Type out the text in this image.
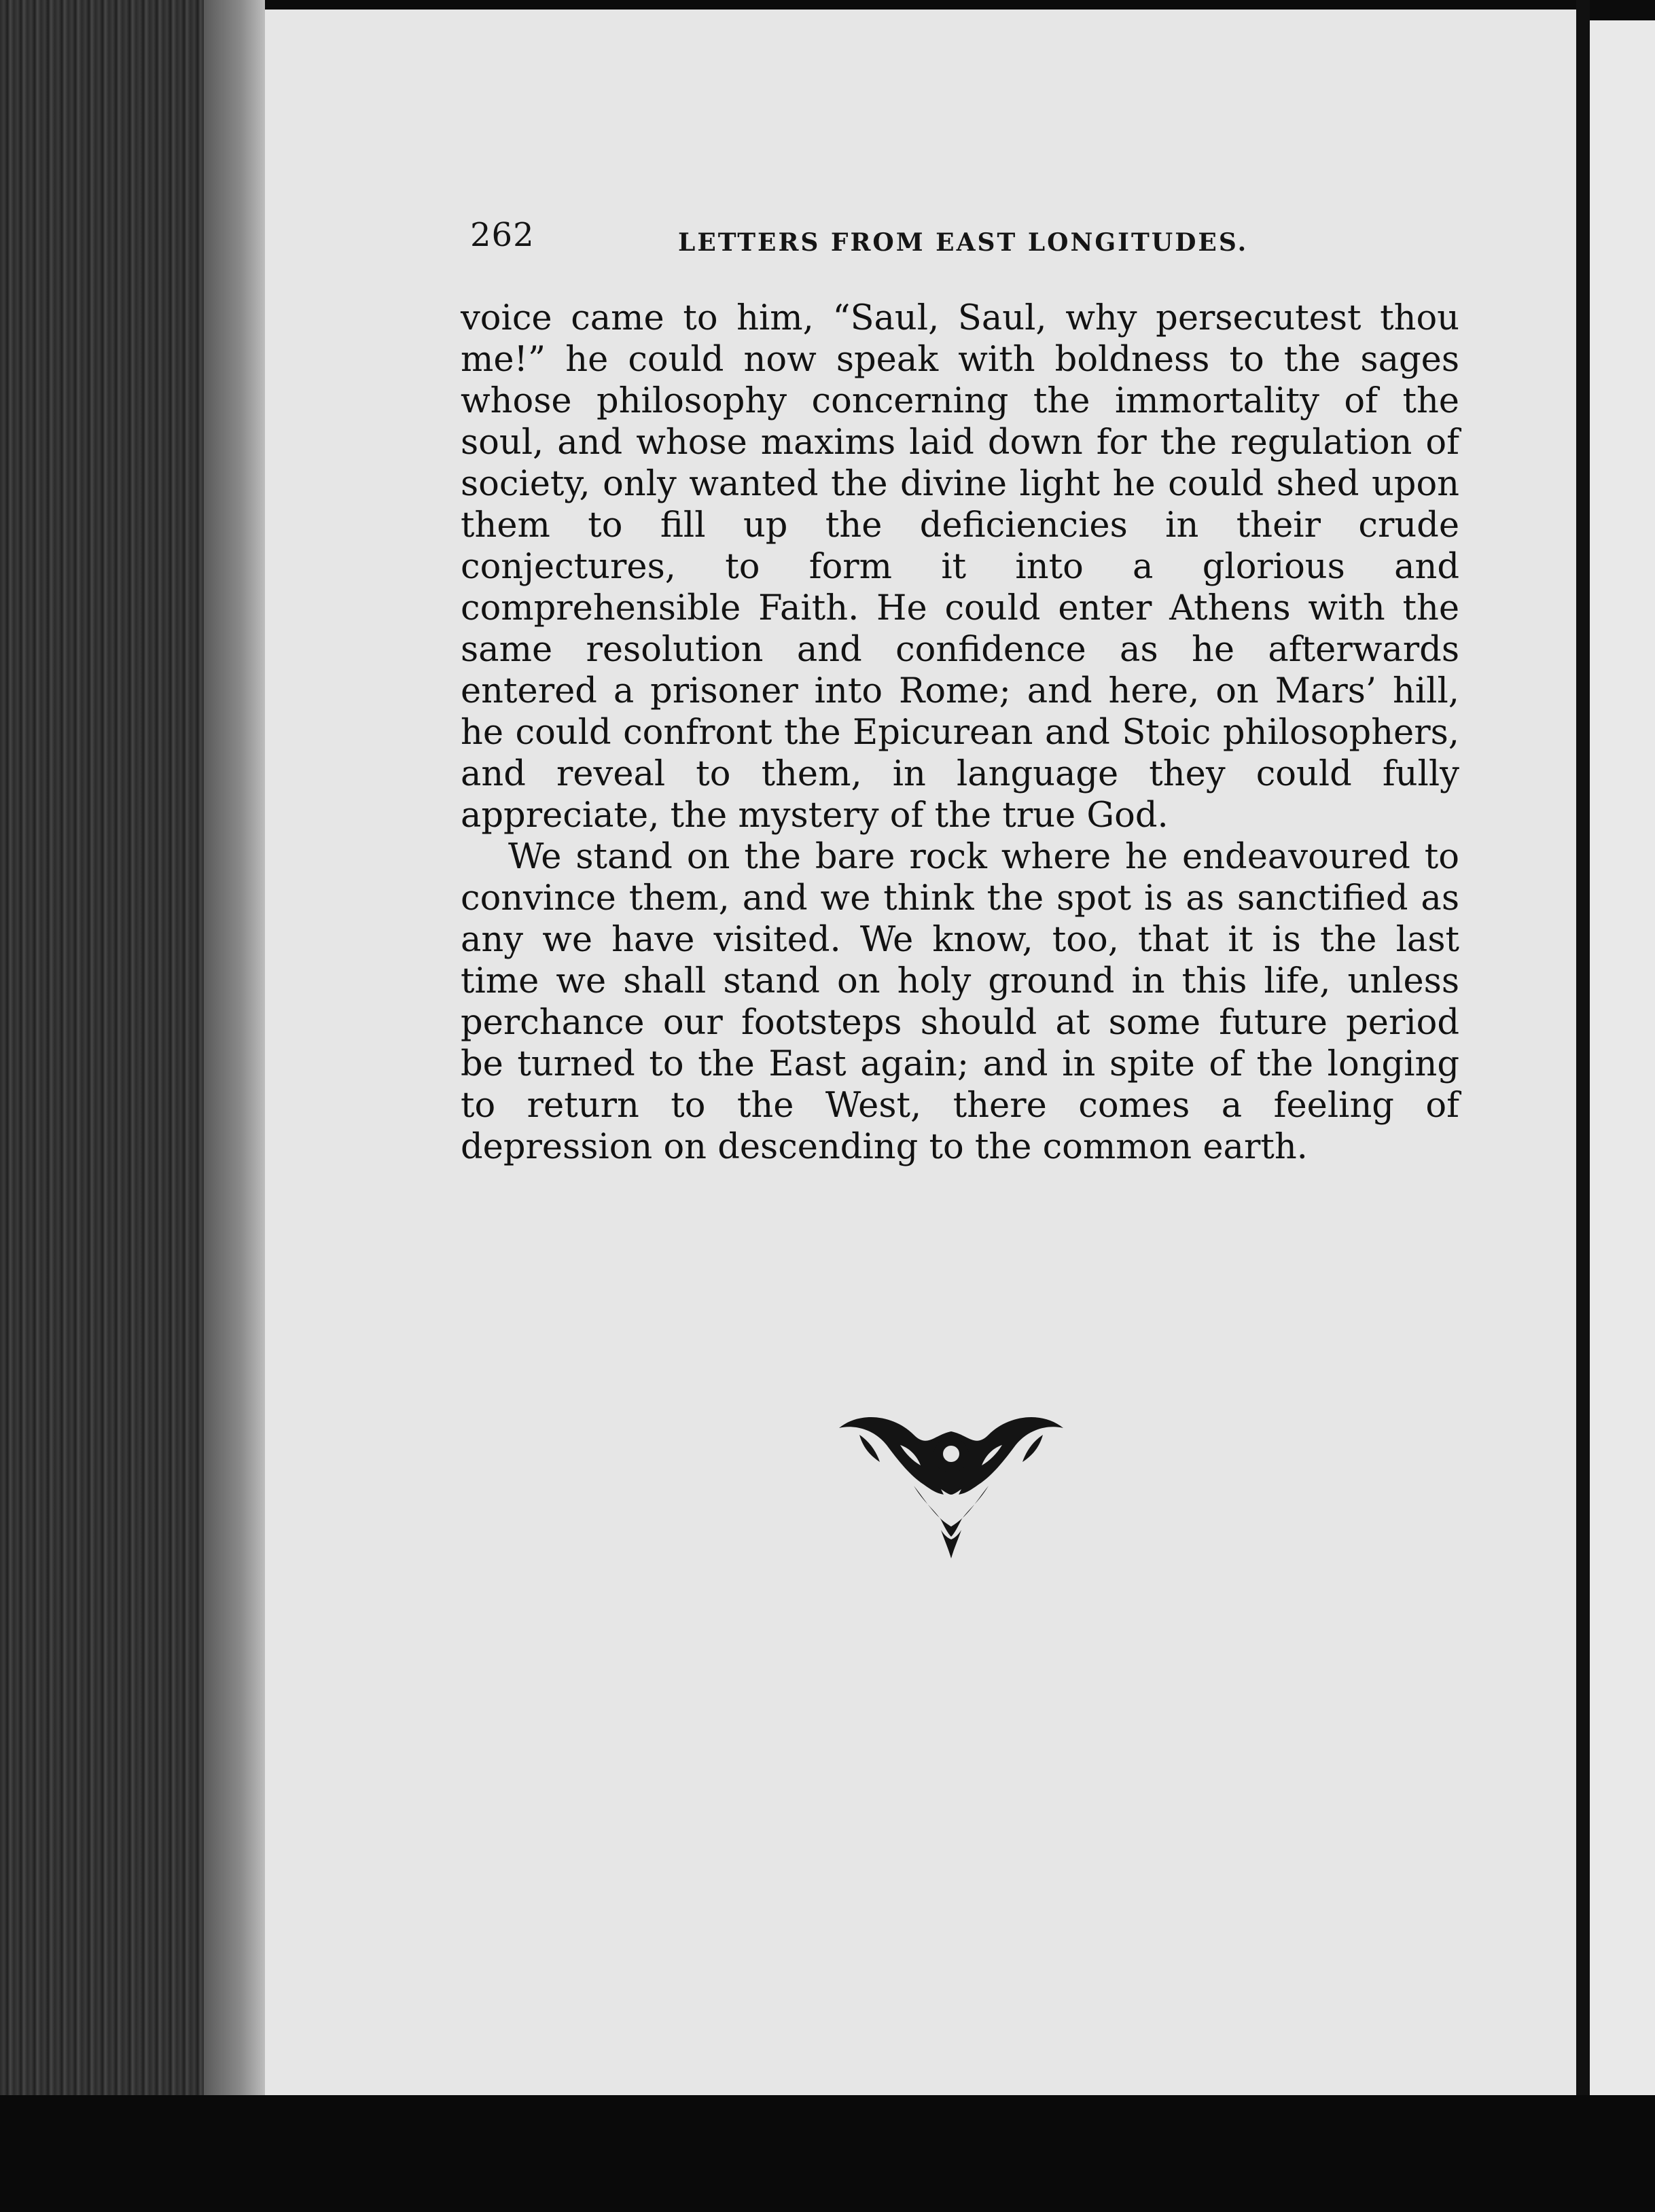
262	LETTERS FROM EAST LONGITUDES.

voice came to him, “Saul, Saul, why persecutest thou me!” he could now speak with boldness to the sages whose philosophy concerning the immortality of the soul, and whose maxims laid down for the regulation of society, only wanted the divine light he could shed upon them to fill up the deficiencies in their crude conjectures, to form it into a glorious and comprehensible Faith. He could enter Athens with the same resolution and confidence as he afterwards entered a prisoner into Rome; and here, on Mars’ hill, he could confront the Epicurean and Stoic philosophers, and reveal to them, in language they could fully appreciate, the mystery of the true God.

We stand on the bare rock where he endeavoured to convince them, and we think the spot is as sanctified as any we have visited. We know, too, that it is the last time we shall stand on holy ground in this life, unless perchance our footsteps should at some future period be turned to the East again; and in spite of the longing to return to the West, there comes a feeling of depression on descending to the common earth.
